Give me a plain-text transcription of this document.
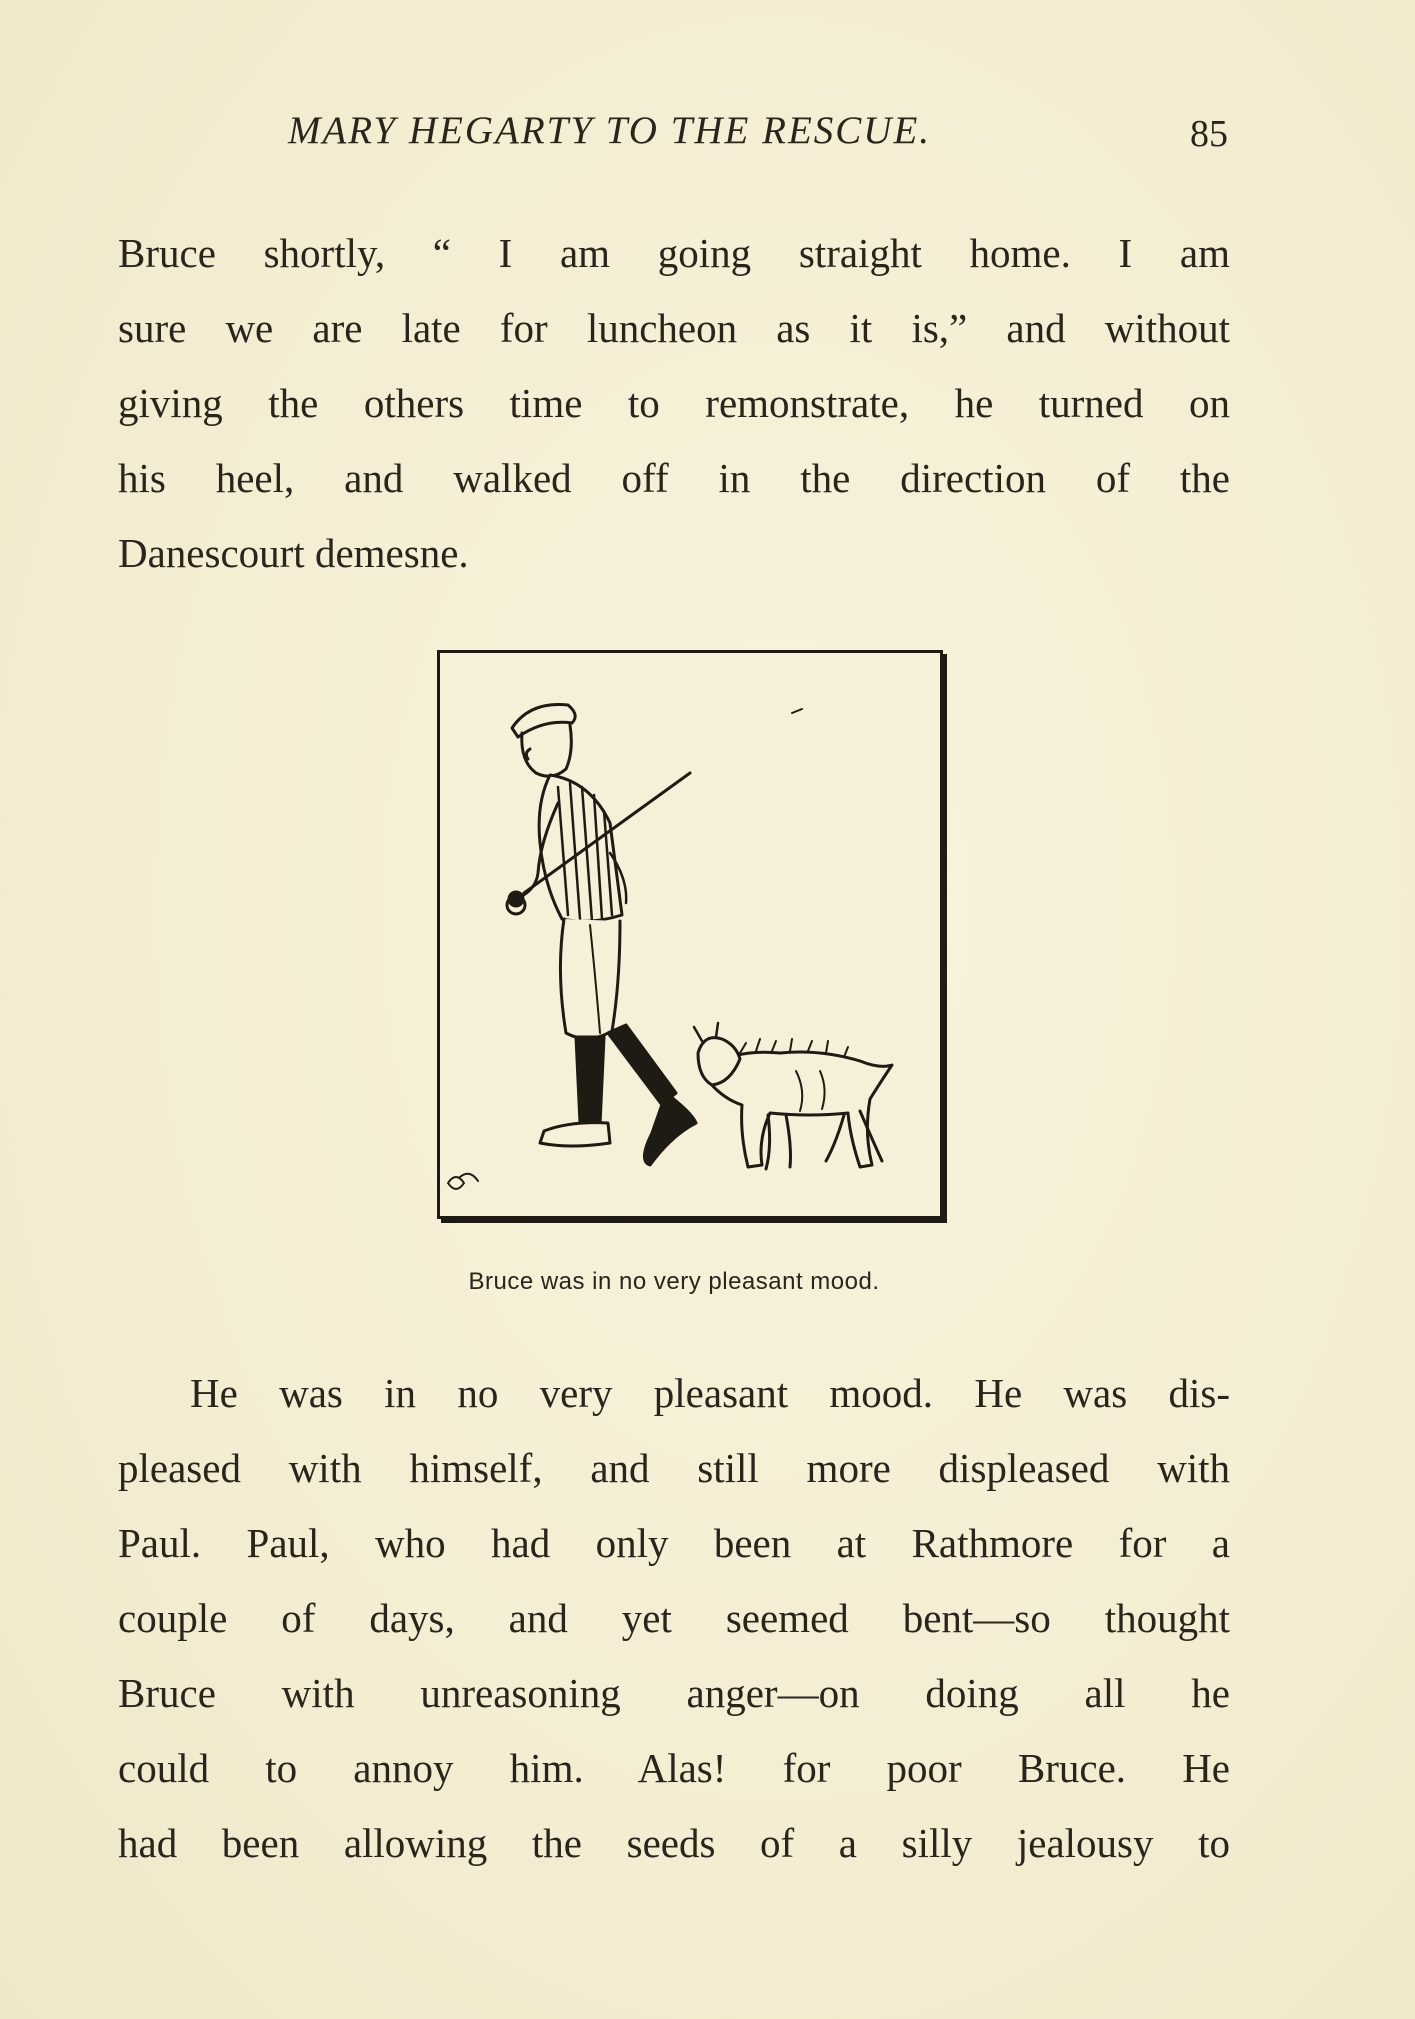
MARY HEGARTY TO THE RESCUE.	85
Bruce shortly, “ I am going straight home. I am
sure we are late for luncheon as it is,” and without
giving the others time to remonstrate, he turned on
his heel, and walked off in the direction of the
Danescourt demesne.
Bruce was in no very pleasant mood.
He was in no very pleasant mood. He was dis-
pleased with himself, and still more displeased with
Paul. Paul, who had only been at Rathmore for a
couple of days, and yet seemed bent—so thought
Bruce with unreasoning anger—on doing all he
could to annoy him. Alas! for poor Bruce. He
had been allowing the seeds of a silly jealousy to
